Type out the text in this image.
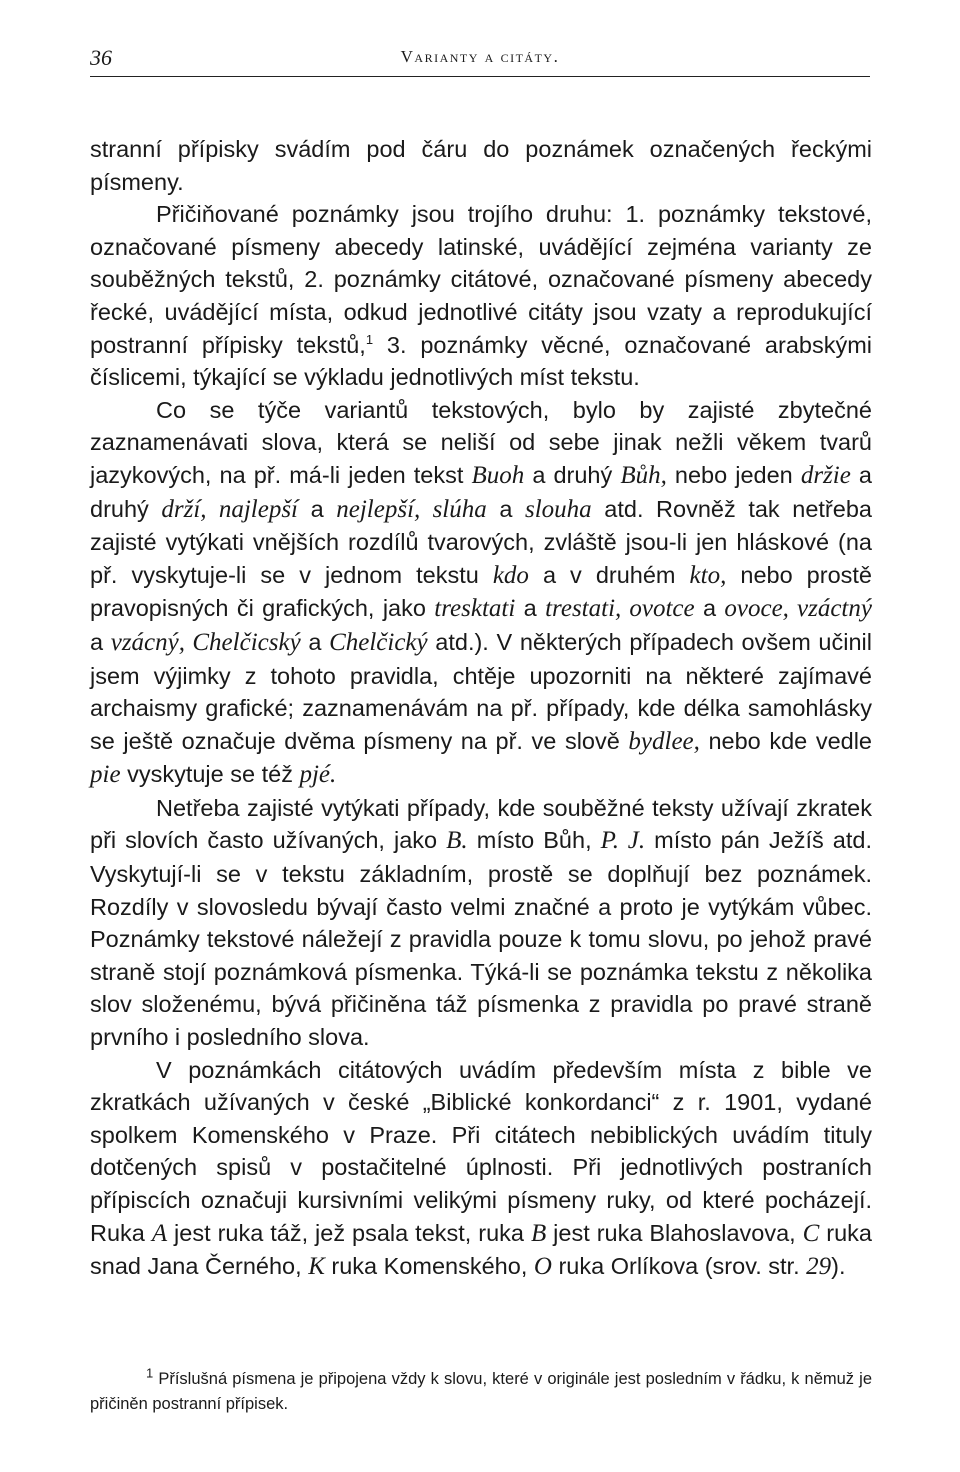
36	Varianty a citáty.

stranní přípisky svádím pod čáru do poznámek označených řeckými písmeny.

Přičiňované poznámky jsou trojího druhu: 1. poznámky tekstové, označované písmeny abecedy latinské, uvádějící zejména varianty ze souběžných tekstů, 2. poznámky citátové, označované písmeny abecedy řecké, uvádějící místa, odkud jednotlivé citáty jsou vzaty a reprodukující postranní přípisky tekstů,$^1$ 3. poznámky věcné, označované arabskými číslicemi, týkající se výkladu jednotlivých míst tekstu.

Co se týče variantů tekstových, bylo by zajisté zbytečné zaznamenávati slova, která se neliší od sebe jinak nežli věkem tvarů jazykových, na př. má-li jeden tekst Buoh a druhý Bůh, nebo jeden držie a druhý drží, najlepší a nejlepší, slúha a slouha atd. Rovněž tak netřeba zajisté vytýkati vnějších rozdílů tvarových, zvláště jsou-li jen hláskové (na př. vyskytuje-li se v jednom tekstu kdo a v druhém kto, nebo prostě pravopisných či grafických, jako tresktati a trestati, ovotce a ovoce, vzáctný a vzácný, Chelčicský a Chelčický atd.). V některých případech ovšem učinil jsem výjimky z tohoto pravidla, chtěje upozorniti na některé zajímavé archaismy grafické; zaznamenávám na př. případy, kde délka samohlásky se ještě označuje dvěma písmeny na př. ve slově bydlee, nebo kde vedle pie vyskytuje se též pjé.

Netřeba zajisté vytýkati případy, kde souběžné teksty užívají zkratek při slovích často užívaných, jako B. místo Bůh, P. J. místo pán Ježíš atd. Vyskytují-li se v tekstu základním, prostě se doplňují bez poznámek. Rozdíly v slovosledu bývají často velmi značné a proto je vytýkám vůbec. Poznámky tekstové náležejí z pravidla pouze k tomu slovu, po jehož pravé straně stojí poznámková písmenka. Týká-li se poznámka tekstu z několika slov složenému, bývá přičiněna táž písmenka z pravidla po pravé straně prvního i posledního slova.

V poznámkách citátových uvádím především místa z bible ve zkratkách užívaných v české „Biblické konkordanci“ z r. 1901, vydané spolkem Komenského v Praze. Při citátech nebiblických uvádím tituly dotčených spisů v postačitelné úplnosti. Při jednotlivých postraních přípiscích označuji kursivními velikými písmeny ruky, od které pocházejí. Ruka A jest ruka táž, jež psala tekst, ruka B jest ruka Blahoslavova, C ruka snad Jana Černého, K ruka Komenského, O ruka Orlíkova (srov. str. 29).

$^1$ Příslušná písmena je připojena vždy k slovu, které v originále jest posledním v řádku, k němuž je přičiněn postranní přípisek.
